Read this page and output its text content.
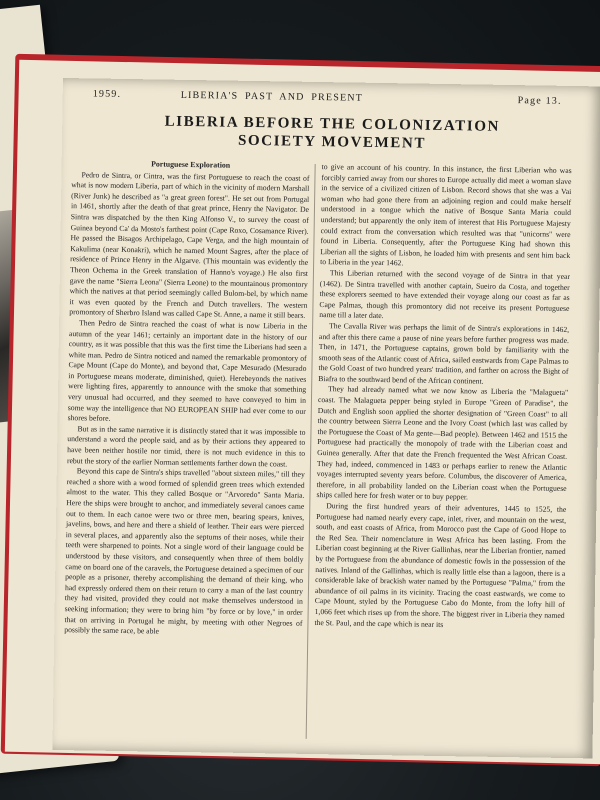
1959.	LIBERIA'S PAST AND PRESENT	Page 13.
LIBERIA BEFORE THE COLONIZATION
SOCIETY MOVEMENT
Portuguese Exploration

Pedro de Sintra, or Cintra, was the first Portuguese to reach the coast of what is now modern Liberia, part of which in the vicinity of modern Marshall (River Junk) he described as "a great green forest". He set out from Portugal in 1461, shortly after the death of that great prince, Henry the Navigator. De Sintra was dispatched by the then King Alfonso V., to survey the coast of Guinea beyond Ca' da Mosto's farthest point (Cape Roxo, Cosamance River). He passed the Bisagos Archipelago, Cape Verga, and the high mountain of Kakulima (near Konakri), which he named Mount Sagres, after the place of residence of Prince Henry in the Algarve. (This mountain was evidently the Theon Ochema in the Greek translation of Hanno's voyage.) He also first gave the name "Sierra Leona" (Sierra Leone) to the mountainous promontory which the natives at that period seemingly called Bulom-bel, by which name it was even quoted by the French and Dutch travellers. The western promontory of Sherbro Island was called Cape St. Anne, a name it still bears.

Then Pedro de Sintra reached the coast of what is now Liberia in the autumn of the year 1461; certainly an important date in the history of our country, as it was possible that this was the first time the Liberians had seen a white man. Pedro de Sintra noticed and named the remarkable promontory of Cape Mount (Cape do Monte), and beyond that, Cape Mesurado (Mesurado in Portuguese means moderate, diminished, quiet). Herebeyonds the natives were lighting fires, apparently to announce with the smoke that something very unusual had occurred, and they seemed to have conveyed to him in some way the intelligence that NO EUROPEAN SHIP had ever come to our shores before.

But as in the same narrative it is distinctly stated that it was impossible to understand a word the people said, and as by their actions they appeared to have been neither hostile nor timid, there is not much evidence in this to rebut the story of the earlier Norman settlements farther down the coast.

Beyond this cape de Sintra's ships travelled "about sixteen miles," till they reached a shore with a wood formed of splendid green trees which extended almost to the water. This they called Bosque or "Arvoredo" Santa Maria. Here the ships were brought to anchor, and immediately several canoes came out to them. In each canoe were two or three men, bearing spears, knives, javelins, bows, and here and there a shield of leather. Their ears were pierced in several places, and apparently also the septums of their noses, while their teeth were sharpened to points. Not a single word of their language could be understood by these visitors, and consequently when three of them boldly came on board one of the caravels, the Portuguese detained a specimen of our people as a prisoner, thereby accomplishing the demand of their king, who had expressly ordered them on their return to carry a man of the last country they had visited, provided they could not make themselves understood in seeking information; they were to bring him "by force or by love," in order that on arriving in Portugal he might, by meeting with other Negroes of possibly the same race, be able

to give an account of his country. In this instance, the first Liberian who was forcibly carried away from our shores to Europe actually did meet a woman slave in the service of a civilized citizen of Lisbon. Record shows that she was a Vai woman who had gone there from an adjoining region and could make herself understood in a tongue which the native of Bosque Santa Maria could understand; but apparently the only item of interest that His Portuguese Majesty could extract from the conversation which resulted was that "unicorns" were found in Liberia. Consequently, after the Portuguese King had shown this Liberian all the sights of Lisbon, he loaded him with presents and sent him back to Liberia in the year 1462.

This Liberian returned with the second voyage of de Sintra in that year (1462). De Sintra travelled with another captain, Sueiro da Costa, and together these explorers seemed to have extended their voyage along our coast as far as Cape Palmas, though this promontory did not receive its present Portuguese name till a later date.

The Cavalla River was perhaps the limit of de Sintra's explorations in 1462, and after this there came a pause of nine years before further progress was made. Then, in 1471, the Portuguese captains, grown bold by familiarity with the smooth seas of the Atlantic coast of Africa, sailed eastwards from Cape Palmas to the Gold Coast of two hundred years' tradition, and farther on across the Bight of Biafra to the southward bend of the African continent.

They had already named what we now know as Liberia the "Malagueta" coast. The Malagueta pepper being styled in Europe "Green of Paradise", the Dutch and English soon applied the shorter designation of "Green Coast" to all the country between Sierra Leone and the Ivory Coast (which last was called by the Portuguese the Coast of Ma gente—Bad people). Between 1462 and 1515 the Portuguese had practically the monopoly of trade with the Liberian coast and Guinea generally. After that date the French frequented the West African Coast. They had, indeed, commenced in 1483 or perhaps earlier to renew the Atlantic voyages interrupted seventy years before. Columbus, the discoverer of America, therefore, in all probability landed on the Liberian coast when the Portuguese ships called here for fresh water or to buy pepper.

During the first hundred years of their adventures, 1445 to 1525, the Portuguese had named nearly every cape, inlet, river, and mountain on the west, south, and east coasts of Africa, from Morocco past the Cape of Good Hope to the Red Sea. Their nomenclature in West Africa has been lasting. From the Liberian coast beginning at the River Gallinhas, near the Liberian frontier, named by the Portuguese from the abundance of domestic fowls in the possession of the natives. Inland of the Gallinhas, which is really little else than a lagoon, there is a considerable lake of brackish water named by the Portuguese "Palma," from the abundance of oil palms in its vicinity. Tracing the coast eastwards, we come to Cape Mount, styled by the Portuguese Cabo do Monte, from the lofty hill of 1,066 feet which rises up from the shore. The biggest river in Liberia they named the St. Paul, and the cape which is near its
